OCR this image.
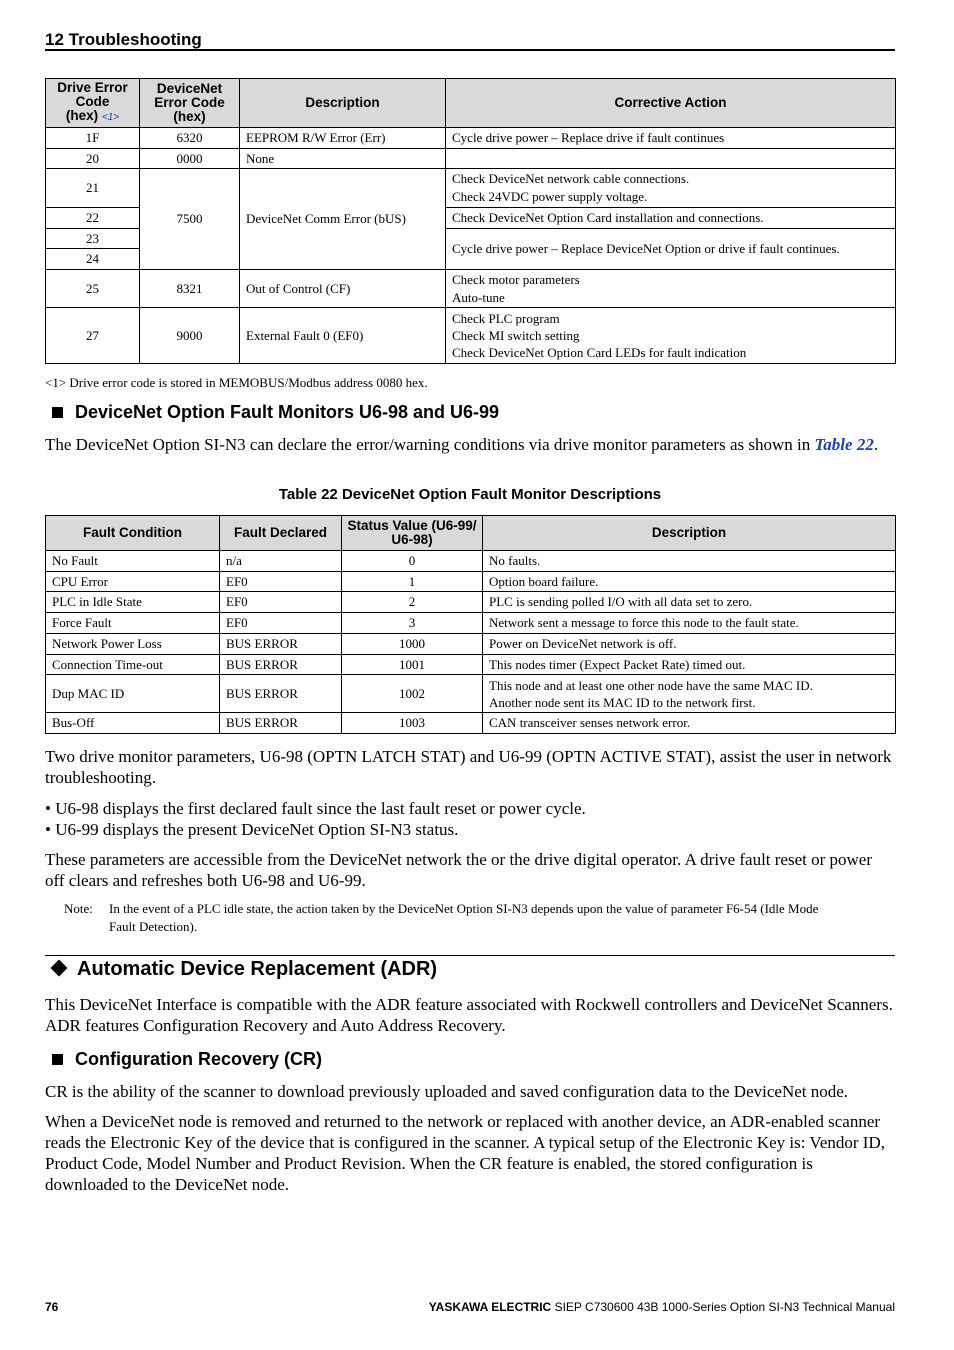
12 Troubleshooting
Drive Error
Code
(hex) <1>	DeviceNet Error Code (hex)	Description	Corrective Action
1F	6320	EEPROM R/W Error (Err)	Cycle drive power – Replace drive if fault continues
20	0000	None	
21	7500	DeviceNet Comm Error (bUS)	Check DeviceNet network cable connections.
Check 24VDC power supply voltage.
22			Check DeviceNet Option Card installation and connections.
23			Cycle drive power – Replace DeviceNet Option or drive if fault continues.
24			
25	8321	Out of Control (CF)	Check motor parameters
Auto-tune
27	9000	External Fault 0 (EF0)	Check PLC program
Check MI switch setting
Check DeviceNet Option Card LEDs for fault indication
<1> Drive error code is stored in MEMOBUS/Modbus address 0080 hex.
DeviceNet Option Fault Monitors U6-98 and U6-99
The DeviceNet Option SI-N3 can declare the error/warning conditions via drive monitor parameters as shown in Table 22.
Table 22 DeviceNet Option Fault Monitor Descriptions
Fault Condition	Fault Declared	Status Value (U6-99/ U6-98)	Description
No Fault	n/a	0	No faults.
CPU Error	EF0	1	Option board failure.
PLC in Idle State	EF0	2	PLC is sending polled I/O with all data set to zero.
Force Fault	EF0	3	Network sent a message to force this node to the fault state.
Network Power Loss	BUS ERROR	1000	Power on DeviceNet network is off.
Connection Time-out	BUS ERROR	1001	This nodes timer (Expect Packet Rate) timed out.
Dup MAC ID	BUS ERROR	1002	This node and at least one other node have the same MAC ID.
Another node sent its MAC ID to the network first.
Bus-Off	BUS ERROR	1003	CAN transceiver senses network error.
Two drive monitor parameters, U6-98 (OPTN LATCH STAT) and U6-99 (OPTN ACTIVE STAT), assist the user in network troubleshooting.
• U6-98 displays the first declared fault since the last fault reset or power cycle.
• U6-99 displays the present DeviceNet Option SI-N3 status.
These parameters are accessible from the DeviceNet network the or the drive digital operator. A drive fault reset or power off clears and refreshes both U6-98 and U6-99.
Note: In the event of a PLC idle state, the action taken by the DeviceNet Option SI-N3 depends upon the value of parameter F6-54 (Idle Mode Fault Detection).
Automatic Device Replacement (ADR)
This DeviceNet Interface is compatible with the ADR feature associated with Rockwell controllers and DeviceNet Scanners. ADR features Configuration Recovery and Auto Address Recovery.
Configuration Recovery (CR)
CR is the ability of the scanner to download previously uploaded and saved configuration data to the DeviceNet node.
When a DeviceNet node is removed and returned to the network or replaced with another device, an ADR-enabled scanner reads the Electronic Key of the device that is configured in the scanner. A typical setup of the Electronic Key is: Vendor ID, Product Code, Model Number and Product Revision. When the CR feature is enabled, the stored configuration is downloaded to the DeviceNet node.
76	YASKAWA ELECTRIC SIEP C730600 43B 1000-Series Option SI-N3 Technical Manual
